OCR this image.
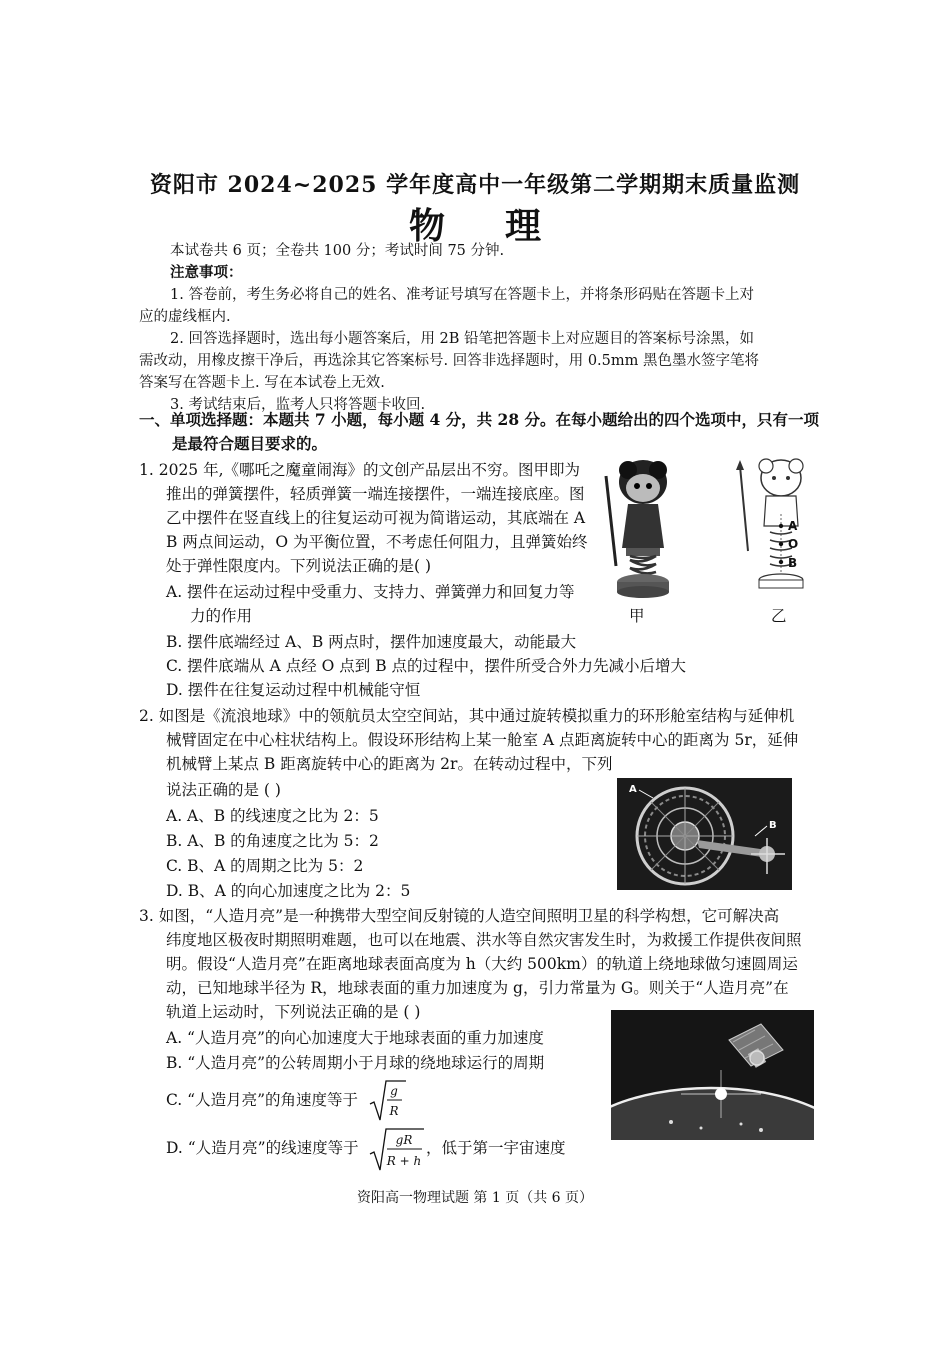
资阳市 2024~2025 学年度高中一年级第二学期期末质量监测
物理
本试卷共 6 页；全卷共 100 分；考试时间 75 分钟.
注意事项：
1. 答卷前，考生务必将自己的姓名、准考证号填写在答题卡上，并将条形码贴在答题卡上对
应的虚线框内.
2. 回答选择题时，选出每小题答案后，用 2B 铅笔把答题卡上对应题目的答案标号涂黑，如
需改动，用橡皮擦干净后，再选涂其它答案标号. 回答非选择题时，用 0.5mm 黑色墨水签字笔将
答案写在答题卡上. 写在本试卷上无效.
3. 考试结束后，监考人只将答题卡收回.
一、单项选择题：本题共 7 小题，每小题 4 分，共 28 分。在每小题给出的四个选项中，只有一项
是最符合题目要求的。
1. 2025 年,《哪吒之魔童闹海》的文创产品层出不穷。图甲即为
推出的弹簧摆件，轻质弹簧一端连接摆件，一端连接底座。图
乙中摆件在竖直线上的往复运动可视为简谐运动，其底端在 A
B 两点间运动，O 为平衡位置，不考虑任何阻力，且弹簧始终
处于弹性限度内。下列说法正确的是( )
A. 摆件在运动过程中受重力、支持力、弹簧弹力和回复力等
力的作用
B. 摆件底端经过 A、B 两点时，摆件加速度最大，动能最大
C. 摆件底端从 A 点经 O 点到 B 点的过程中，摆件所受合外力先减小后增大
D. 摆件在往复运动过程中机械能守恒
甲
A
O
B
乙
2. 如图是《流浪地球》中的领航员太空空间站，其中通过旋转模拟重力的环形舱室结构与延伸机
械臂固定在中心柱状结构上。假设环形结构上某一舱室 A 点距离旋转中心的距离为 5r，延伸
机械臂上某点 B 距离旋转中心的距离为 2r。在转动过程中，下列
说法正确的是 ( )
A. A、B 的线速度之比为 2：5
B. A、B 的角速度之比为 5：2
C. B、A 的周期之比为 5：2
D. B、A 的向心加速度之比为 2：5
A
B
3. 如图，“人造月亮”是一种携带大型空间反射镜的人造空间照明卫星的科学构想，它可解决高
纬度地区极夜时期照明难题，也可以在地震、洪水等自然灾害发生时，为救援工作提供夜间照
明。假设“人造月亮”在距离地球表面高度为 h（大约 500km）的轨道上绕地球做匀速圆周运
动，已知地球半径为 R，地球表面的重力加速度为 g，引力常量为 G。则关于“人造月亮”在
轨道上运动时，下列说法正确的是 ( )
A. “人造月亮”的向心加速度大于地球表面的重力加速度
B. “人造月亮”的公转周期小于月球的绕地球运行的周期
C. “人造月亮”的角速度等于	g
R
D. “人造月亮”的线速度等于	gR
R + h
，低于第一宇宙速度
资阳高一物理试题 第 1 页（共 6 页）
